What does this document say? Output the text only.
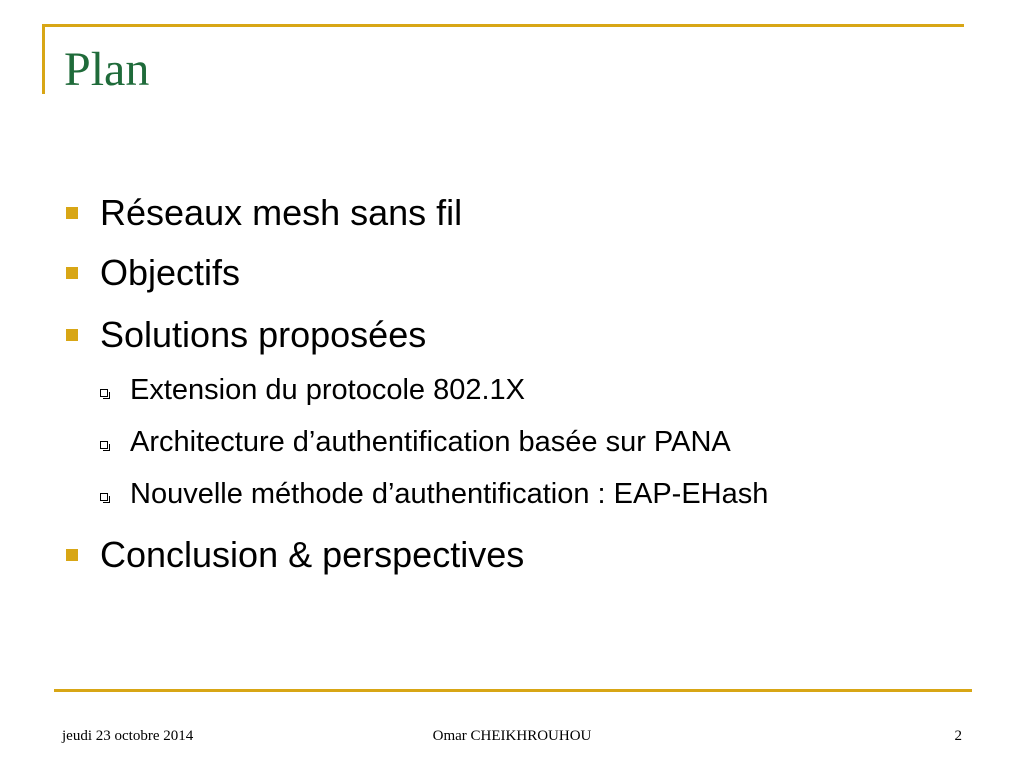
Plan
Réseaux mesh sans fil
Objectifs
Solutions proposées
Extension du protocole 802.1X
Architecture d’authentification basée sur PANA
Nouvelle méthode d’authentification : EAP-EHash
Conclusion & perspectives
jeudi 23 octobre 2014	Omar CHEIKHROUHOU	2
